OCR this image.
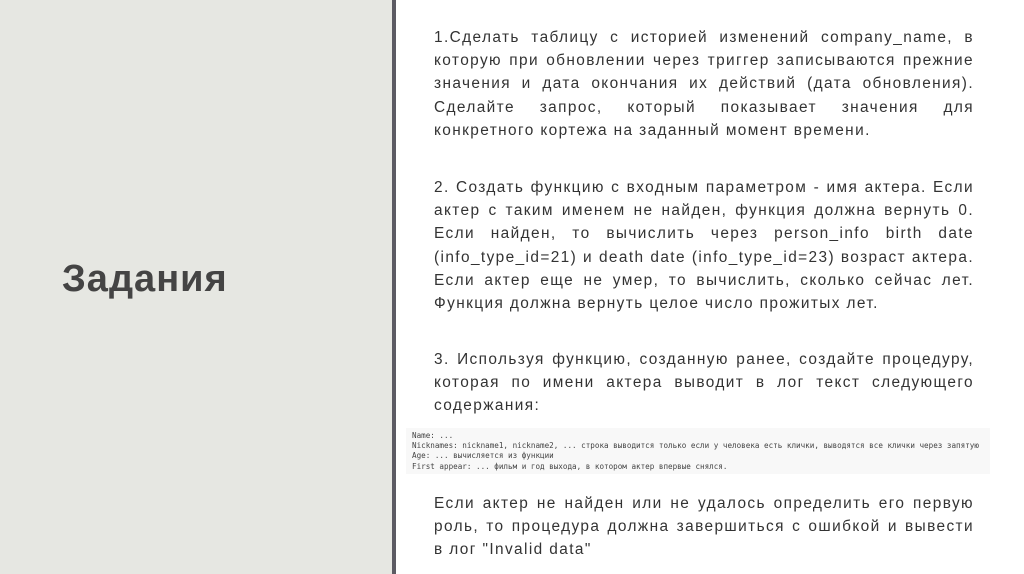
Задания

1.Сделать таблицу с историей изменений company_name, в которую при обновлении через триггер записываются прежние значения и дата окончания их действий (дата обновления). Сделайте запрос, который показывает значения для конкретного кортежа на заданный момент времени.

2. Создать функцию с входным параметром - имя актера. Если актер с таким именем не найден, функция должна вернуть 0. Если найден, то вычислить через person_info birth date (info_type_id=21) и death date (info_type_id=23) возраст актера. Если актер еще не умер, то вычислить, сколько сейчас лет. Функция должна вернуть целое число прожитых лет.

3. Используя функцию, созданную ранее, создайте процедуру, которая по имени актера выводит в лог текст следующего содержания:

Если актер не найден или не удалось определить его первую роль, то процедура должна завершиться с ошибкой и вывести в лог "Invalid data"

Name: ...
Nicknames: nickname1, nickname2, ... строка выводится только если у человека есть клички, выводятся все клички через запятую
Age: ... вычисляется из функции
First appear: ... фильм и год выхода, в котором актер впервые снялся.
